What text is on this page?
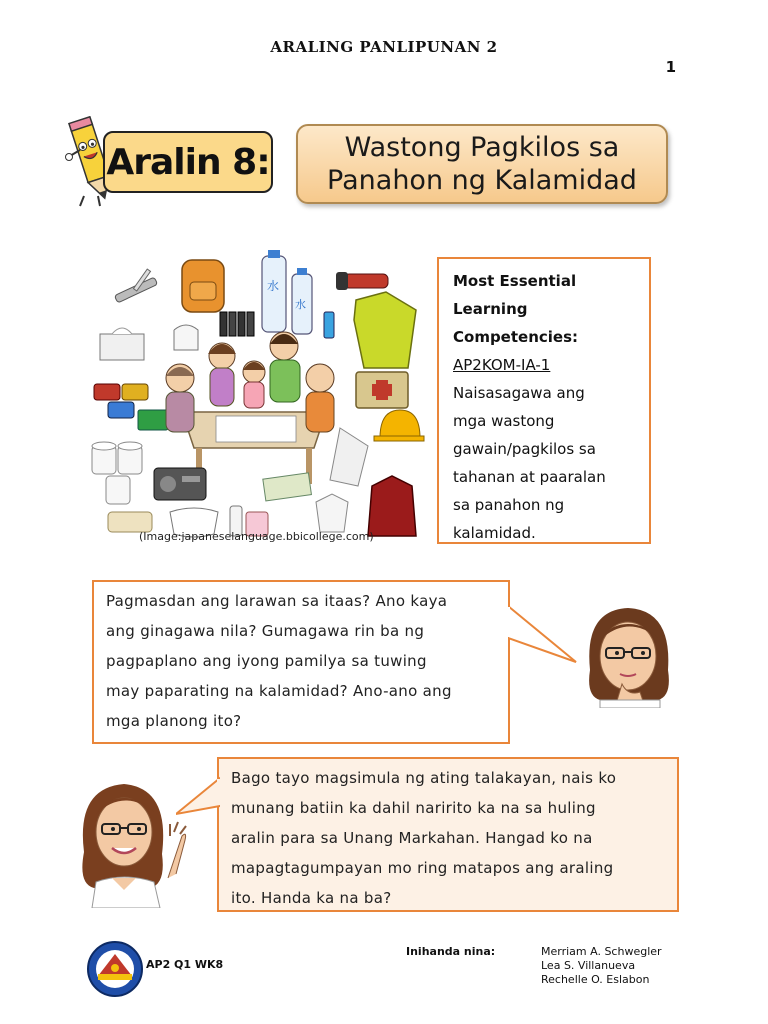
ARALING PANLIPUNAN 2
1
Aralin 8:	Wastong Pagkilos sa
Panahon ng Kalamidad
水
水
(Image:japaneselanguage.bbicollege.com)
Most Essential
Learning
Competencies:
AP2KOM-IA-1
Naisasagawa ang
mga wastong
gawain/pagkilos sa
tahanan at paaralan
sa panahon ng
kalamidad.
Pagmasdan ang larawan sa itaas? Ano kaya
ang ginagawa nila? Gumagawa rin ba ng
pagpaplano ang iyong pamilya sa tuwing
may paparating na kalamidad? Ano-ano ang
mga planong ito?
Bago tayo magsimula ng ating talakayan, nais ko
munang batiin ka dahil naririto ka na sa huling
aralin para sa Unang Markahan. Hangad ko na
mapagtagumpayan mo ring matapos ang araling
ito. Handa ka na ba?
AP2 Q1 WK8
Inihanda nina:	Merriam A. Schwegler
Lea S. Villanueva
Rechelle O. Eslabon
